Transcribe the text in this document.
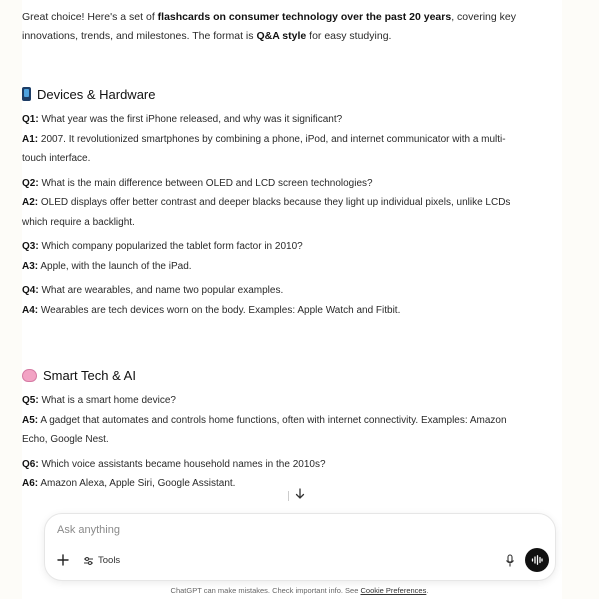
Great choice! Here's a set of flashcards on consumer technology over the past 20 years, covering key innovations, trends, and milestones. The format is Q&A style for easy studying.

Devices & Hardware
Q1: What year was the first iPhone released, and why was it significant?
A1: 2007. It revolutionized smartphones by combining a phone, iPod, and internet communicator with a multi-touch interface.
Q2: What is the main difference between OLED and LCD screen technologies?
A2: OLED displays offer better contrast and deeper blacks because they light up individual pixels, unlike LCDs which require a backlight.
Q3: Which company popularized the tablet form factor in 2010?
A3: Apple, with the launch of the iPad.
Q4: What are wearables, and name two popular examples.
A4: Wearables are tech devices worn on the body. Examples: Apple Watch and Fitbit.
Smart Tech & AI
Q5: What is a smart home device?
A5: A gadget that automates and controls home functions, often with internet connectivity. Examples: Amazon Echo, Google Nest.
Q6: Which voice assistants became household names in the 2010s?
A6: Amazon Alexa, Apple Siri, Google Assistant.
Ask anything
Tools
ChatGPT can make mistakes. Check important info. See Cookie Preferences.
